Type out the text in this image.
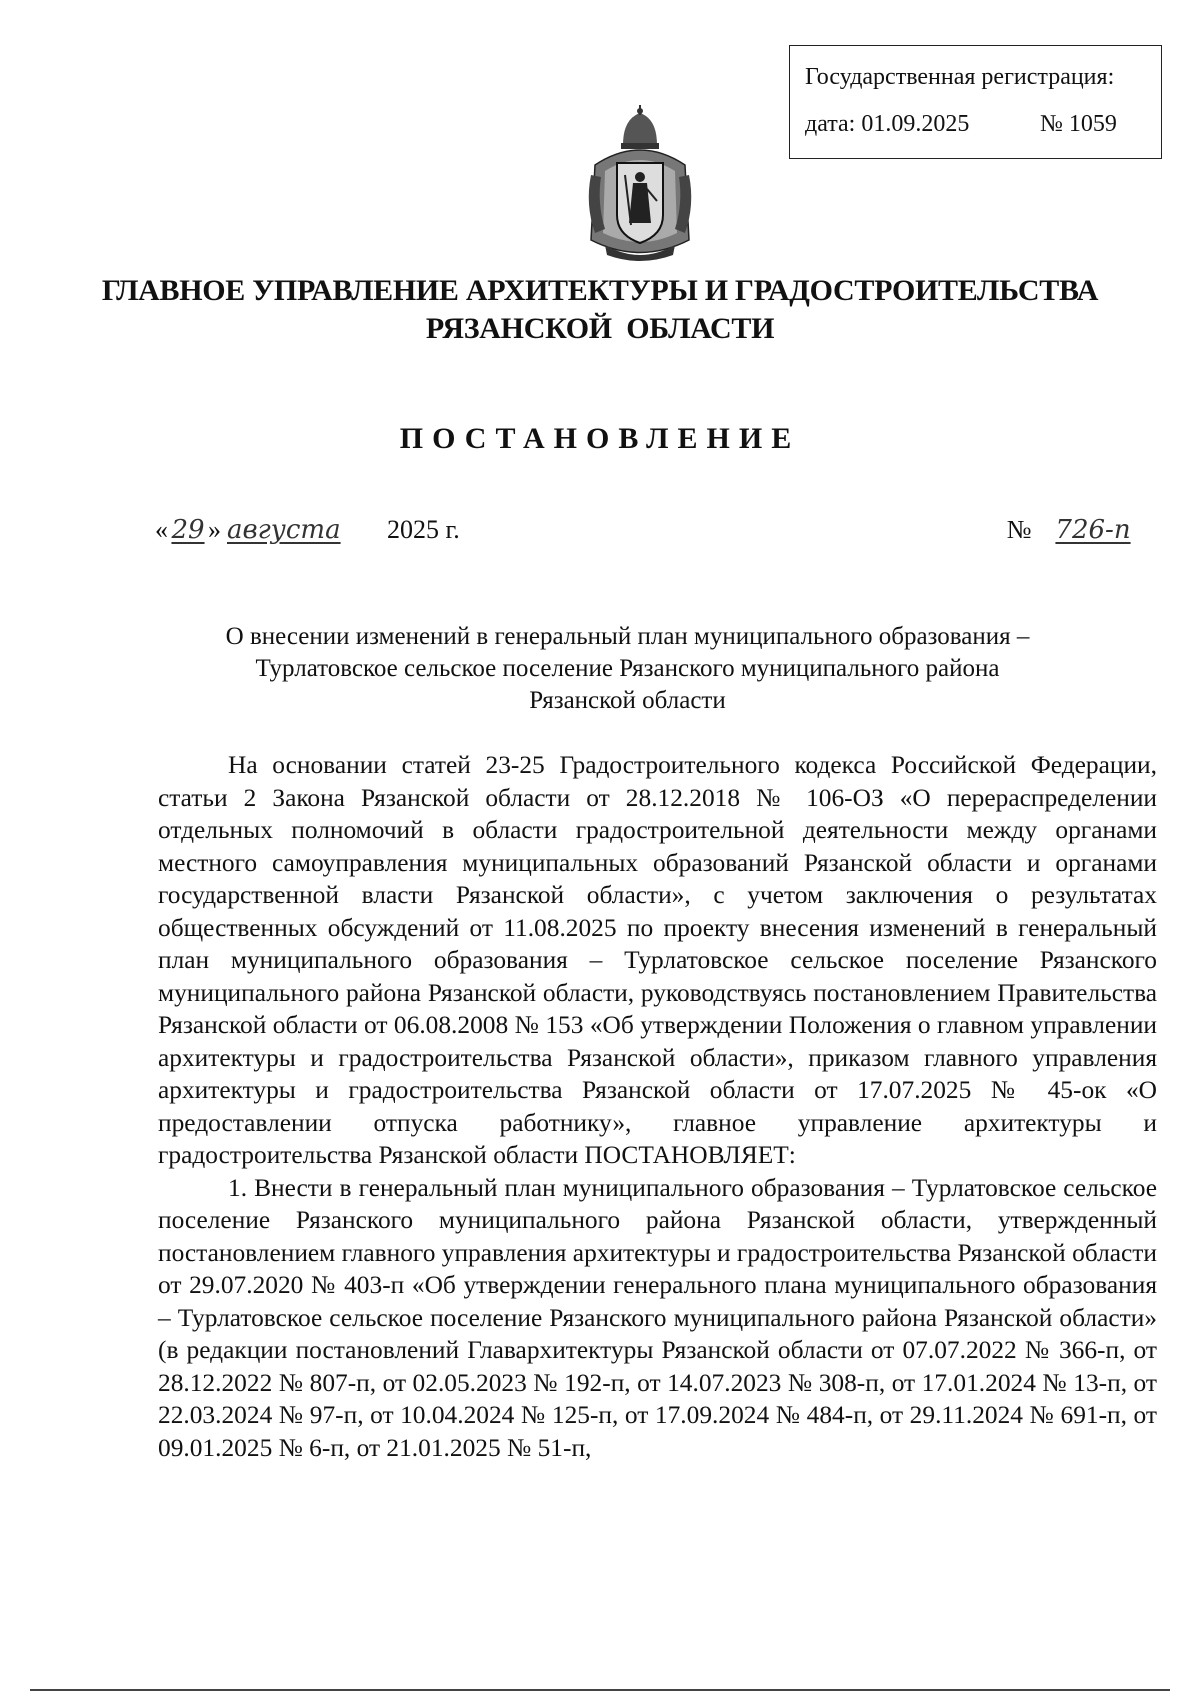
Государственная регистрация:
дата: 01.09.2025	№ 1059
ГЛАВНОЕ УПРАВЛЕНИЕ АРХИТЕКТУРЫ И ГРАДОСТРОИТЕЛЬСТВА
РЯЗАНСКОЙ  ОБЛАСТИ
ПОСТАНОВЛЕНИЕ
« 29 » августа 2025 г.	№ 726-п
О внесении изменений в генеральный план муниципального образования –
Турлатовское сельское поселение Рязанского муниципального района
Рязанской области

На основании статей 23-25 Градостроительного кодекса Российской Федерации, статьи 2 Закона Рязанской области от 28.12.2018 № 106-ОЗ «О перераспределении отдельных полномочий в области градостроительной деятельности между органами местного самоуправления муниципальных образований Рязанской области и органами государственной власти Рязанской области», с учетом заключения о результатах общественных обсуждений от 11.08.2025 по проекту внесения изменений в генеральный план муниципального образования – Турлатовское сельское поселение Рязанского муниципального района Рязанской области, руководствуясь постановлением Правительства Рязанской области от 06.08.2008 № 153 «Об утверждении Положения о главном управлении архитектуры и градостроительства Рязанской области», приказом главного управления архитектуры и градостроительства Рязанской области от 17.07.2025 № 45-ок «О предоставлении отпуска работнику», главное управление архитектуры и градостроительства Рязанской области ПОСТАНОВЛЯЕТ:

1. Внести в генеральный план муниципального образования – Турлатовское сельское поселение Рязанского муниципального района Рязанской области, утвержденный постановлением главного управления архитектуры и градостроительства Рязанской области от 29.07.2020 № 403-п «Об утверждении генерального плана муниципального образования – Турлатовское сельское поселение Рязанского муниципального района Рязанской области» (в редакции постановлений Главархитектуры Рязанской области от 07.07.2022 № 366-п, от 28.12.2022 № 807-п, от 02.05.2023 № 192-п, от 14.07.2023 № 308-п, от 17.01.2024 № 13-п, от 22.03.2024 № 97-п, от 10.04.2024 № 125-п, от 17.09.2024 № 484-п, от 29.11.2024 № 691-п, от 09.01.2025 № 6-п, от 21.01.2025 № 51-п,
